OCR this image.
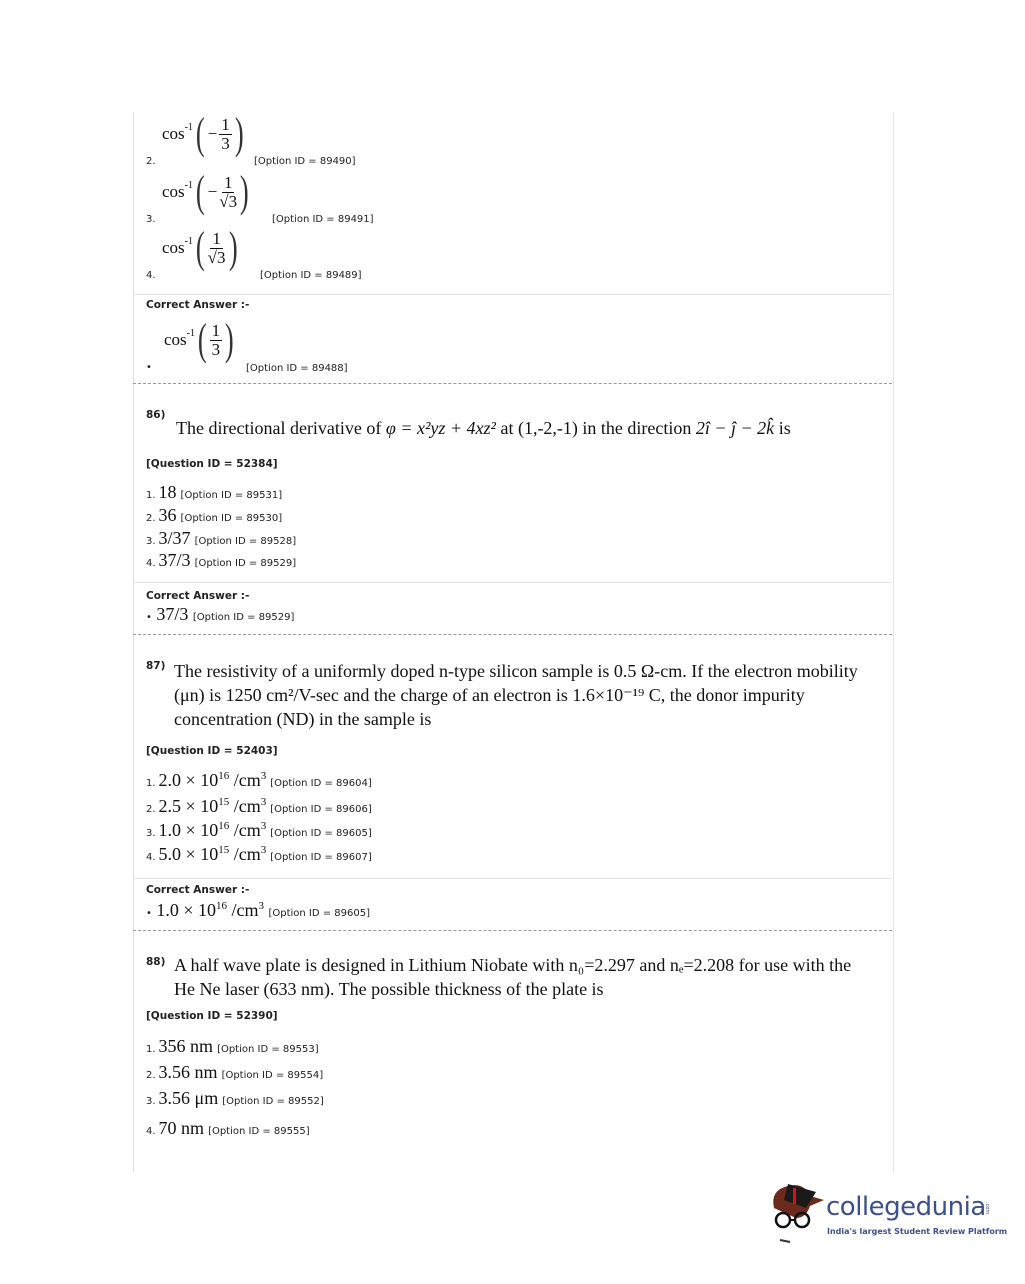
2.
$\cos^{-1}$ ( − $\frac{1}{3}$ )
[Option ID = 89490]
3.
$\cos^{-1}$ ( − $\frac{1}{√3}$ )
[Option ID = 89491]
4.
$\cos^{-1}$ ( $\frac{1}{√3}$ )
[Option ID = 89489]
Correct Answer :-
•
$\cos^{-1}$ ( $\frac{1}{3}$ )
[Option ID = 89488]
86)
The directional derivative of φ = x²yz + 4xz² at (1,-2,-1) in the direction 2î − ĵ − 2k̂ is
[Question ID = 52384]
1. 18 [Option ID = 89531]
2. 36 [Option ID = 89530]
3. 3/37 [Option ID = 89528]
4. 37/3 [Option ID = 89529]
Correct Answer :-
• 37/3 [Option ID = 89529]
87) The resistivity of a uniformly doped n-type silicon sample is 0.5 Ω-cm. If the electron mobility
(μn) is 1250 cm²/V-sec and the charge of an electron is 1.6×10⁻¹⁹ C, the donor impurity
concentration (ND) in the sample is
[Question ID = 52403]
1. $2.0 \times 10^{16}$ $/cm^3[Option$ ID = 89604]
2. $2.5 \times 10^{15}$ $/cm^3[Option$ ID = 89606]
3. $1.0 \times 10^{16}$ $/cm^3[Option$ ID = 89605]
4. $5.0 \times 10^{15}$ $/cm^3[Option$ ID = 89607]
Correct Answer :-
• $1.0 \times 10^{16}$ $/cm^3$ [Option ID = 89605]
88) A half wave plate is designed in Lithium Niobate with n₀=2.297 and nₑ=2.208 for use with the
He Ne laser (633 nm). The possible thickness of the plate is
[Question ID = 52390]
1. 356 nm [Option ID = 89553]
2. 3.56 nm [Option ID = 89554]
3. 3.56 μm [Option ID = 89552]
4. 70 nm [Option ID = 89555]
collegedunia
.com
India's largest Student Review Platform
